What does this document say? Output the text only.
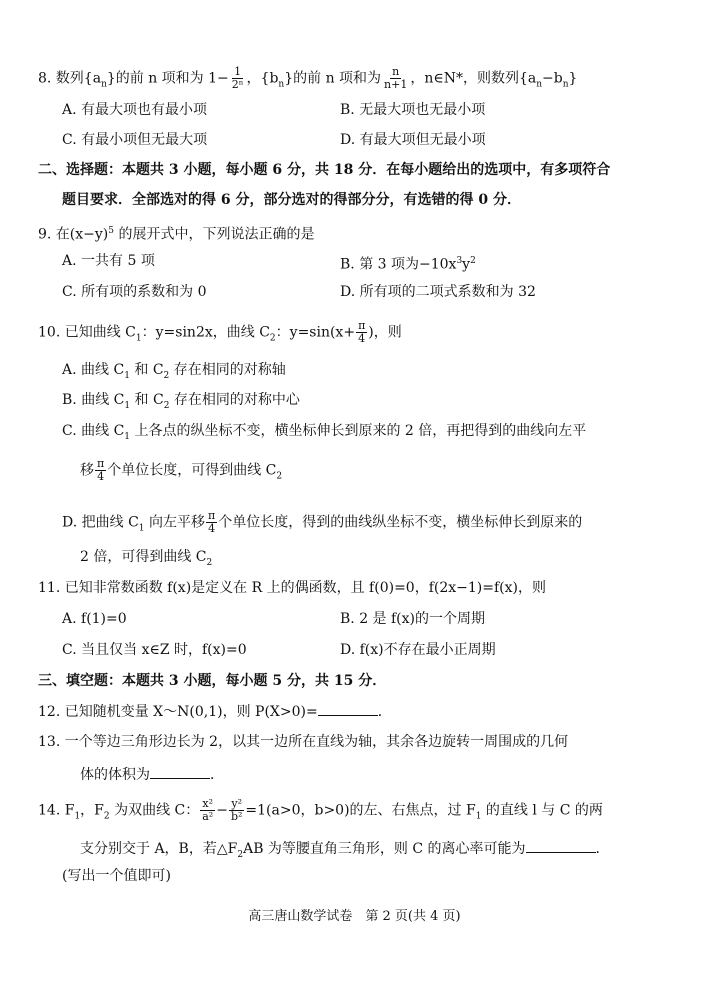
8. 数列$\{a_n\}$的前 n 项和为 $1- \frac{1}{\text{2ⁿ}}$ ，$\{b_n\}$的前 n 项和为 $\frac{n}{n+1}$ ，n∈N*，则数列$\{a_n-b_n\}$
A. 有最大项也有最小项	B. 无最大项也无最小项
C. 有最小项但无最大项	D. 有最大项但无最小项
二、选择题：本题共 3 小题，每小题 6 分，共 18 分．在每小题给出的选项中，有多项符合
题目要求．全部选对的得 6 分，部分选对的得部分分，有选错的得 0 分．
9. 在$(x-y)^5$ 的展开式中，下列说法正确的是
A. 一共有 5 项	B. 第 3 项为$-10x^3y^2$
C. 所有项的系数和为 0	D. 所有项的二项式系数和为 32
10. 已知曲线 $C_1$：y=sin2x，曲线 $C_2$：$y=\sin(x+ \frac{\pi}{4}$ )，则
A. 曲线 $C_1$ 和 $C_2$ 存在相同的对称轴
B. 曲线 $C_1$ 和 $C_2$ 存在相同的对称中心
C. 曲线 $C_1$ 上各点的纵坐标不变，横坐标伸长到原来的 2 倍，再把得到的曲线向左平
移 $\frac{\pi}{4}$ 个单位长度，可得到曲线 $C_2$
D. 把曲线 $C_1$ 向左平移 $\frac{\pi}{4}$ 个单位长度，得到的曲线纵坐标不变，横坐标伸长到原来的
2 倍，可得到曲线 $C_2$
11. 已知非常数函数 f(x)是定义在 R 上的偶函数，且 f(0)=0，f(2x−1)=f(x)，则
A. f(1)=0	B. 2 是 f(x)的一个周期
C. 当且仅当 x∈Z 时，f(x)=0	D. f(x)不存在最小正周期
三、填空题：本题共 3 小题，每小题 5 分，共 15 分．
12. 已知随机变量 X～N(0,1)，则 P(X>0)=	．
13. 一个等边三角形边长为 2，以其一边所在直线为轴，其余各边旋转一周围成的几何
体的体积为	．
14. $F_1$，$F_2$ 为双曲线 C： $\frac{\text{x²}}{\text{a²}} - \frac{\text{y²}}{\text{b²}} =1(a>0$，b>0)的左、右焦点，过 $F_1$ 的直线 l 与 C 的两
支分别交于 A，B，若$\triangle F_2AB$ 为等腰直角三角形，则 C 的离心率可能为	．
(写出一个值即可)
高三唐山数学试卷　第 2 页(共 4 页)
